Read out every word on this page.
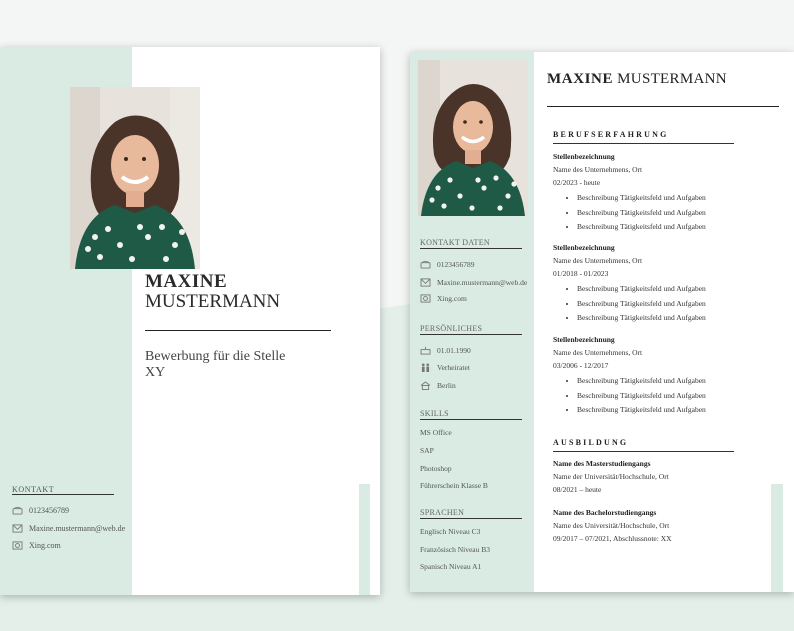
MAXINE
MUSTERMANN
Bewerbung für die Stelle
XY
KONTAKT
0123456789
Maxine.mustermann@web.de
Xing.com
KONTAKT DATEN
0123456789
Maxine.mustermann@web.de
Xing.com
PERSÖNLICHES
01.01.1990
Verheiratet
Berlin
SKILLS
MS Office
SAP
Photoshop
Führerschein Klasse B
SPRACHEN
Englisch Niveau C3
Französisch Niveau B3
Spanisch Niveau A1
MAXINE MUSTERMANN
BERUFSERFAHRUNG
Stellenbezeichnung
Name des Unternehmens, Ort
02/2023 - heute
• Beschreibung Tätigkeitsfeld und Aufgaben
• Beschreibung Tätigkeitsfeld und Aufgaben
• Beschreibung Tätigkeitsfeld und Aufgaben
Stellenbezeichnung
Name des Unternehmens, Ort
01/2018 - 01/2023
• Beschreibung Tätigkeitsfeld und Aufgaben
• Beschreibung Tätigkeitsfeld und Aufgaben
• Beschreibung Tätigkeitsfeld und Aufgaben
Stellenbezeichnung
Name des Unternehmens, Ort
03/2006 - 12/2017
• Beschreibung Tätigkeitsfeld und Aufgaben
• Beschreibung Tätigkeitsfeld und Aufgaben
• Beschreibung Tätigkeitsfeld und Aufgaben
AUSBILDUNG
Name des Masterstudiengangs
Name der Universität/Hochschule, Ort
08/2021 – heute
Name des Bachelorstudiengangs
Name des Universität/Hochschule, Ort
09/2017 – 07/2021, Abschlussnote: XX
